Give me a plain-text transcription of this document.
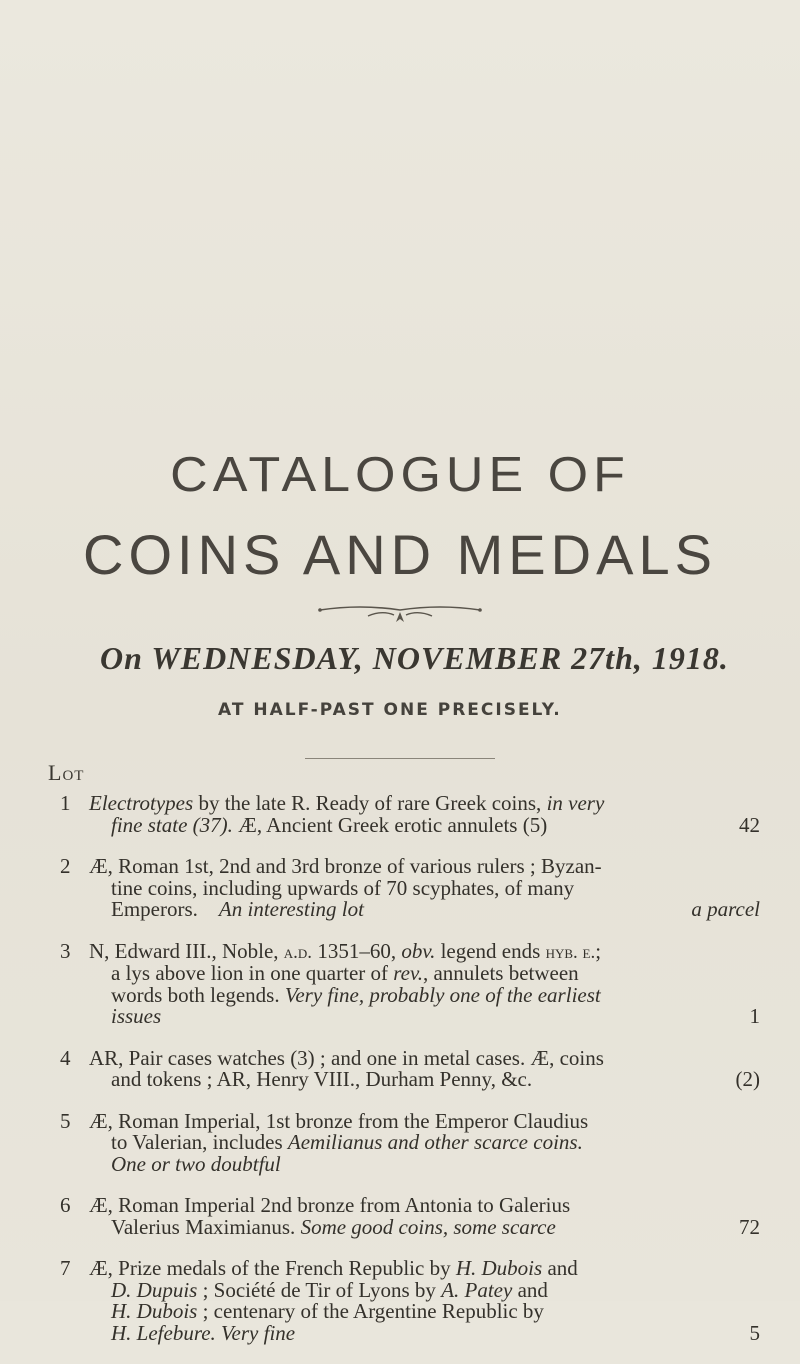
CATALOGUE OF
COINS AND MEDALS
On WEDNESDAY, NOVEMBER 27th, 1918.
AT HALF-PAST ONE PRECISELY.
Lot
1 Electrotypes by the late R. Ready of rare Greek coins, in very
fine state (37). Æ, Ancient Greek erotic annulets (5)	42
2 Æ, Roman 1st, 2nd and 3rd bronze of various rulers ; Byzan-
tine coins, including upwards of 70 scyphates, of many
Emperors. An interesting lot	a parcel
3 N, Edward III., Noble, a.d. 1351–60, obv. legend ends hyb. e.;
a lys above lion in one quarter of rev., annulets between
words both legends. Very fine, probably one of the earliest
issues	1
4 AR, Pair cases watches (3) ; and one in metal cases. Æ, coins
and tokens ; AR, Henry VIII., Durham Penny, &c.	(2)
5 Æ, Roman Imperial, 1st bronze from the Emperor Claudius
to Valerian, includes Aemilianus and other scarce coins.
One or two doubtful
6 Æ, Roman Imperial 2nd bronze from Antonia to Galerius
Valerius Maximianus. Some good coins, some scarce	72
7 Æ, Prize medals of the French Republic by H. Dubois and
D. Dupuis ; Société de Tir of Lyons by A. Patey and
H. Dubois ; centenary of the Argentine Republic by
H. Lefebure. Very fine	5
